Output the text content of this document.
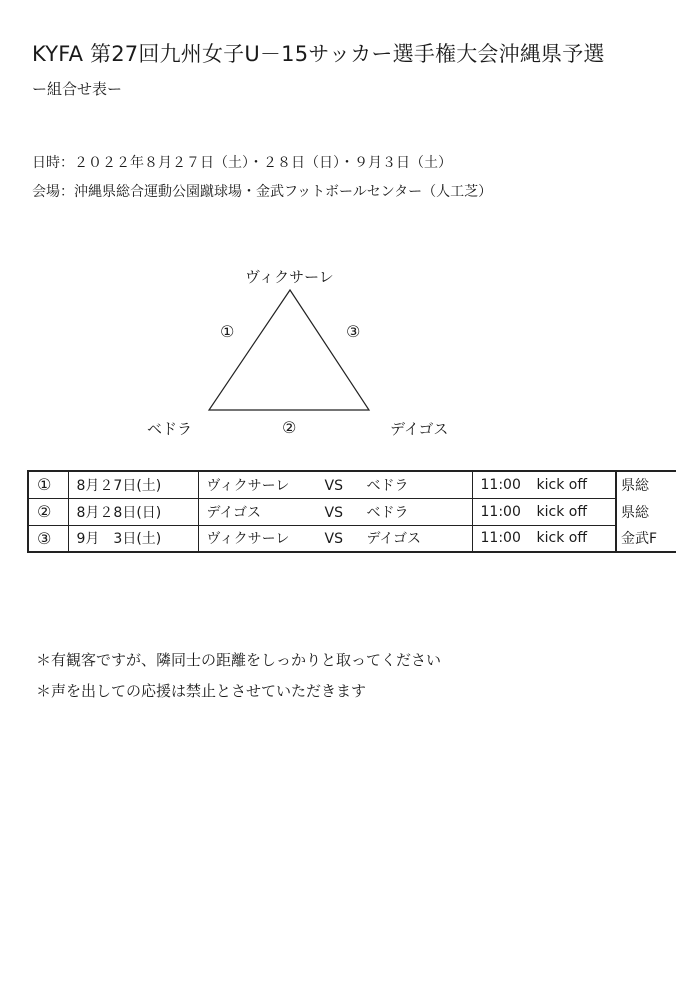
KYFA 第27回九州女子U－15サッカー選手権大会沖縄県予選
ー組合せ表ー
日時：２０２２年８月２７日（土）・２８日（日）・９月３日（土）
会場：沖縄県総合運動公園蹴球場・金武フットボールセンター（人工芝）
ヴィクサーレ
ベドラ	デイゴス
①	③
②
①	8月２7日(土)	ヴィクサーレ VS ベドラ	11:00 kick off	県総
②	8月２8日(日)	デイゴス VS ベドラ	11:00 kick off	県総
③	9月　3日(土)	ヴィクサーレ VS デイゴス	11:00 kick off	金武F
＊有観客ですが、隣同士の距離をしっかりと取ってください
＊声を出しての応援は禁止とさせていただきます
